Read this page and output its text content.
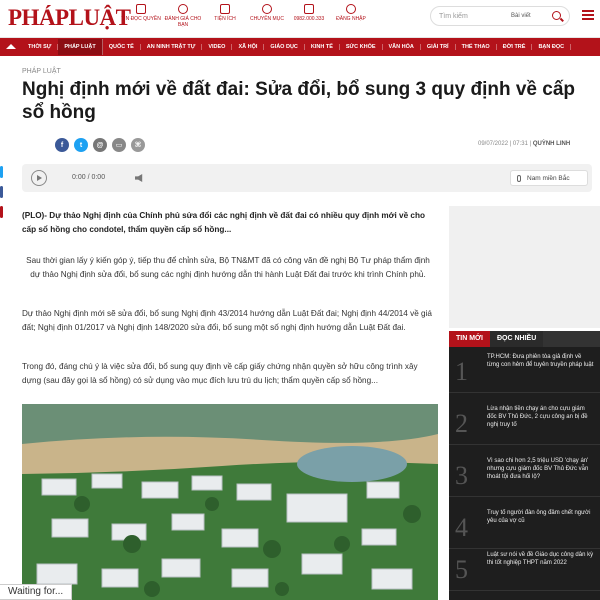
PHÁPLUẬT
TIN ĐỌC QUYỀN ĐÁNH GIÁ CHO BẠN
TIỆN ÍCH	CHUYÊN MỤC 0982.000.333 ĐĂNG NHẬP	Tìm kiếm	Bài viết
THỜI SỰ	PHÁP LUẬT	QUỐC TẾ	AN NINH TRẬT TỰ	VIDEO	XÃ HỘI	GIÁO DỤC	KINH TẾ	SỨC KHỎE	VĂN HÓA	GIẢI TRÍ	THỂ THAO	ĐỜI TRẺ	BẠN ĐỌC
PHÁP LUẬT
Nghị định mới về đất đai: Sửa đổi, bổ sung 3 quy định về cấp sổ hồng
f	t	@	▭	⌘	09/07/2022 | 07:31 | QUỲNH LINH
0:00 / 0:00	Nam miền Bắc

(PLO)- Dự thảo Nghị định của Chính phủ sửa đổi các nghị định về đất đai có nhiều quy định mới về cho cấp sổ hồng cho condotel, thẩm quyền cấp sổ hồng...

Sau thời gian lấy ý kiến góp ý, tiếp thu để chỉnh sửa, Bộ TN&MT đã có công văn đề nghị Bộ Tư pháp thẩm định dự thảo Nghị định sửa đổi, bổ sung các nghị định hướng dẫn thi hành Luật Đất đai trước khi trình Chính phủ.

Dự thảo Nghị định mới sẽ sửa đổi, bổ sung Nghị định 43/2014 hướng dẫn Luật Đất đai; Nghị định 44/2014 về giá đất; Nghị định 01/2017 và Nghị định 148/2020 sửa đổi, bổ sung một số nghị định hướng dẫn Luật Đất đai.

Trong đó, đáng chú ý là việc sửa đổi, bổ sung quy định về cấp giấy chứng nhận quyền sở hữu công trình xây dựng (sau đây gọi là sổ hồng) có sử dụng vào mục đích lưu trú du lịch; thẩm quyền cấp sổ hồng...

TIN MỚI	ĐỌC NHIỀU
1	TP.HCM: Đưa phiên tòa giả định về từng con hẻm để tuyên truyền pháp luật
2	Lừa nhận tiền chạy án cho cựu giám đốc BV Thủ Đức, 2 cựu công an bị đề nghị truy tố
3	Vì sao chi hơn 2,5 triệu USD 'chạy án' nhưng cựu giám đốc BV Thủ Đức vẫn thoát tội đưa hối lộ?
4	Truy tố người đàn ông đâm chết người yêu của vợ cũ
5	Luật sư nói về đề Giáo dục công dân kỳ thi tốt nghiệp THPT năm 2022
Waiting for...
